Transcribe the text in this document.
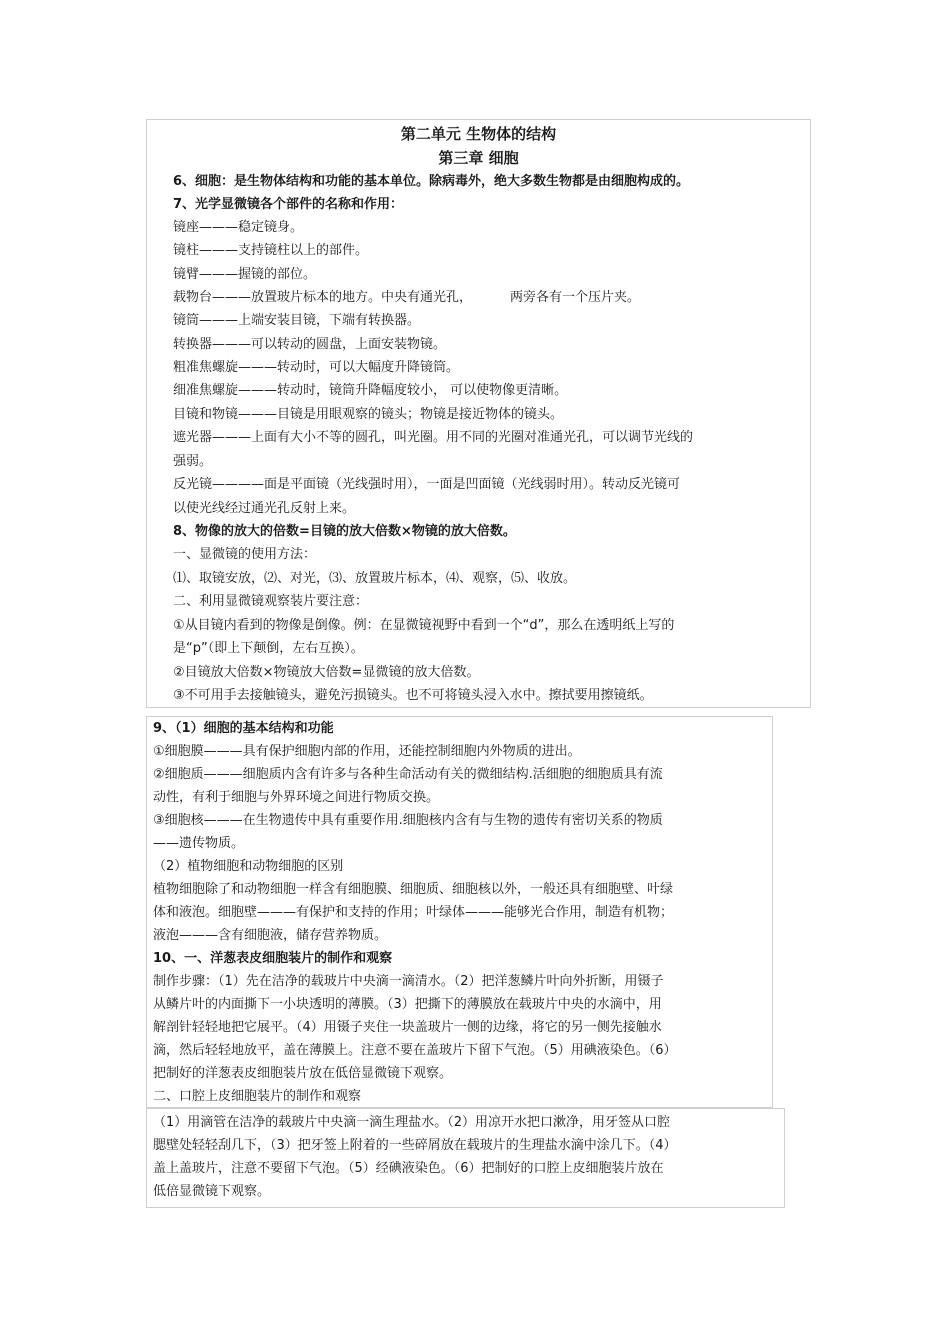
第二单元 生物体的结构
第三章 细胞
6、细胞：是生物体结构和功能的基本单位。除病毒外，绝大多数生物都是由细胞构成的。
7、光学显微镜各个部件的名称和作用：
镜座———稳定镜身。
镜柱———支持镜柱以上的部件。
镜臂———握镜的部位。
载物台———放置玻片标本的地方。中央有通光孔，	两旁各有一个压片夹。
镜筒———上端安装目镜，下端有转换器。
转换器———可以转动的圆盘，上面安装物镜。
粗准焦螺旋———转动时，可以大幅度升降镜筒。
细准焦螺旋———转动时，镜筒升降幅度较小， 可以使物像更清晰。
目镜和物镜———目镜是用眼观察的镜头；物镜是接近物体的镜头。
遮光器———上面有大小不等的圆孔，叫光圈。用不同的光圈对准通光孔，可以调节光线的
强弱。
反光镜————面是平面镜（光线强时用），一面是凹面镜（光线弱时用）。转动反光镜可
以使光线经过通光孔反射上来。
8、物像的放大的倍数=目镜的放大倍数×物镜的放大倍数。
一、显微镜的使用方法：
⑴、取镜安放，⑵、对光，⑶、放置玻片标本，⑷、观察，⑸、收放。
二、利用显微镜观察装片要注意：
①从目镜内看到的物像是倒像。例：在显微镜视野中看到一个“d”，那么在透明纸上写的
是“p”（即上下颠倒，左右互换）。
②目镜放大倍数×物镜放大倍数=显微镜的放大倍数。
③不可用手去接触镜头，避免污损镜头。也不可将镜头浸入水中。擦拭要用擦镜纸。
9、（1）细胞的基本结构和功能
①细胞膜———具有保护细胞内部的作用，还能控制细胞内外物质的进出。
②细胞质———细胞质内含有许多与各种生命活动有关的微细结构.活细胞的细胞质具有流
动性，有利于细胞与外界环境之间进行物质交换。
③细胞核———在生物遗传中具有重要作用.细胞核内含有与生物的遗传有密切关系的物质
——遗传物质。
（2）植物细胞和动物细胞的区别
植物细胞除了和动物细胞一样含有细胞膜、细胞质、细胞核以外，一般还具有细胞壁、叶绿
体和液泡。细胞壁———有保护和支持的作用；叶绿体———能够光合作用，制造有机物；
液泡———含有细胞液，储存营养物质。
10、一、洋葱表皮细胞装片的制作和观察
制作步骤：（1）先在洁净的载玻片中央滴一滴清水。（2）把洋葱鳞片叶向外折断，用镊子
从鳞片叶的内面撕下一小块透明的薄膜。（3）把撕下的薄膜放在载玻片中央的水滴中，用
解剖针轻轻地把它展平。（4）用镊子夹住一块盖玻片一侧的边缘，将它的另一侧先接触水
滴，然后轻轻地放平，盖在薄膜上。注意不要在盖玻片下留下气泡。（5）用碘液染色。（6）
把制好的洋葱表皮细胞装片放在低倍显微镜下观察。
二、口腔上皮细胞装片的制作和观察
（1）用滴管在洁净的载玻片中央滴一滴生理盐水。（2）用凉开水把口漱净，用牙签从口腔
腮壁处轻轻刮几下，（3）把牙签上附着的一些碎屑放在载玻片的生理盐水滴中涂几下。（4）
盖上盖玻片，注意不要留下气泡。（5）经碘液染色。（6）把制好的口腔上皮细胞装片放在
低倍显微镜下观察。
